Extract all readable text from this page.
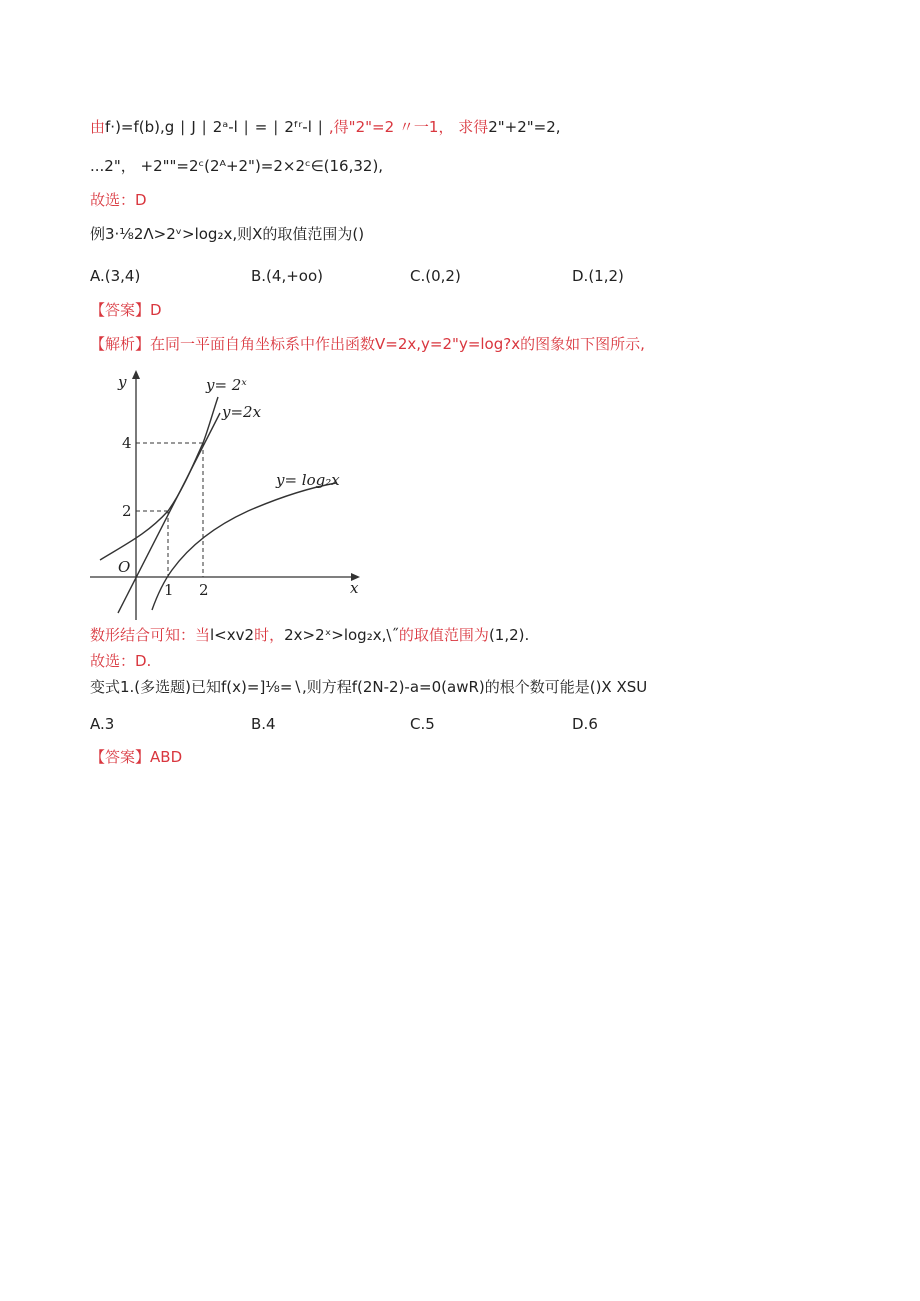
由f·)=f(b),g ∣ J ∣ 2ᵃ-l ∣ = ∣ 2ᶠʳ-l ∣ ,得"2"=2 〃一1， 求得2"+2"=2,
...2"， +2""=2ᶜ(2ᴬ+2")=2×2ᶜ∈(16,32),
故选：D
例3·⅛2Λ>2ᵛ>log₂x,则X的取值范围为()
A.(3,4)	B.(4,+oo)	C.(0,2)	D.(1,2)
【答案】D
【解析】在同一平面自角坐标系中作出函数V=2x,y=2"y=log?x的图象如下图所示,
y
x
O
y= 2ˣ
y=2x
y= log₂x
4
2
1 2
数形结合可知：当l<xv2时，2x>2ˣ>log₂x,\˝的取值范围为(1,2).
故选：D.
变式1.(多选题)已知f(x)=]⅛=∖,则方程f(2N-2)-a=0(awR)的根个数可能是()X XSU
A.3	B.4	C.5	D.6
【答案】ABD
